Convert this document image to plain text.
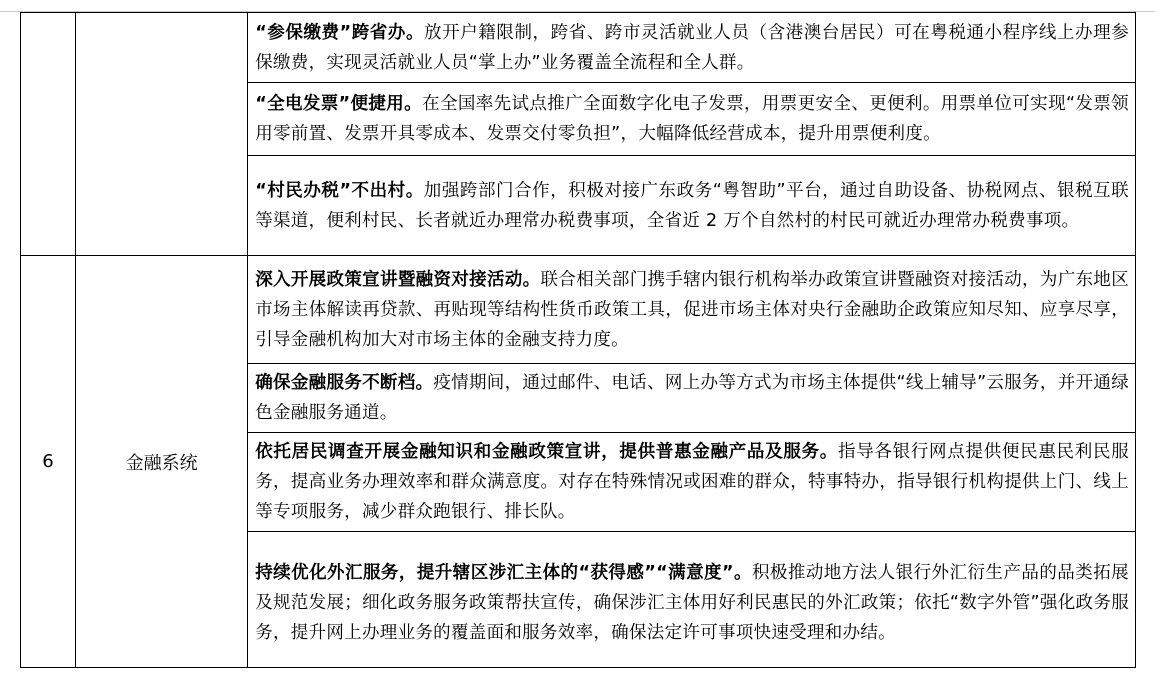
		“参保缴费”跨省办。放开户籍限制，跨省、跨市灵活就业人员（含港澳台居民）可在粤税通小程序线上办理参保缴费，实现灵活就业人员“掌上办”业务覆盖全流程和全人群。

		“全电发票”便捷用。在全国率先试点推广全面数字化电子发票，用票更安全、更便利。用票单位可实现“发票领用零前置、发票开具零成本、发票交付零负担”，大幅降低经营成本，提升用票便利度。

		“村民办税”不出村。加强跨部门合作，积极对接广东政务“粤智助”平台，通过自助设备、协税网点、银税互联等渠道，便利村民、长者就近办理常办税费事项，全省近 2 万个自然村的村民可就近办理常办税费事项。

6	金融系统	深入开展政策宣讲暨融资对接活动。联合相关部门携手辖内银行机构举办政策宣讲暨融资对接活动，为广东地区市场主体解读再贷款、再贴现等结构性货币政策工具，促进市场主体对央行金融助企政策应知尽知、应享尽享，引导金融机构加大对市场主体的金融支持力度。

		确保金融服务不断档。疫情期间，通过邮件、电话、网上办等方式为市场主体提供“线上辅导”云服务，并开通绿色金融服务通道。

		依托居民调查开展金融知识和金融政策宣讲，提供普惠金融产品及服务。指导各银行网点提供便民惠民利民服务，提高业务办理效率和群众满意度。对存在特殊情况或困难的群众，特事特办，指导银行机构提供上门、线上等专项服务，减少群众跑银行、排长队。

		持续优化外汇服务，提升辖区涉汇主体的“获得感”“满意度”。积极推动地方法人银行外汇衍生产品的品类拓展及规范发展；细化政务服务政策帮扶宣传，确保涉汇主体用好利民惠民的外汇政策；依托“数字外管”强化政务服务，提升网上办理业务的覆盖面和服务效率，确保法定许可事项快速受理和办结。
